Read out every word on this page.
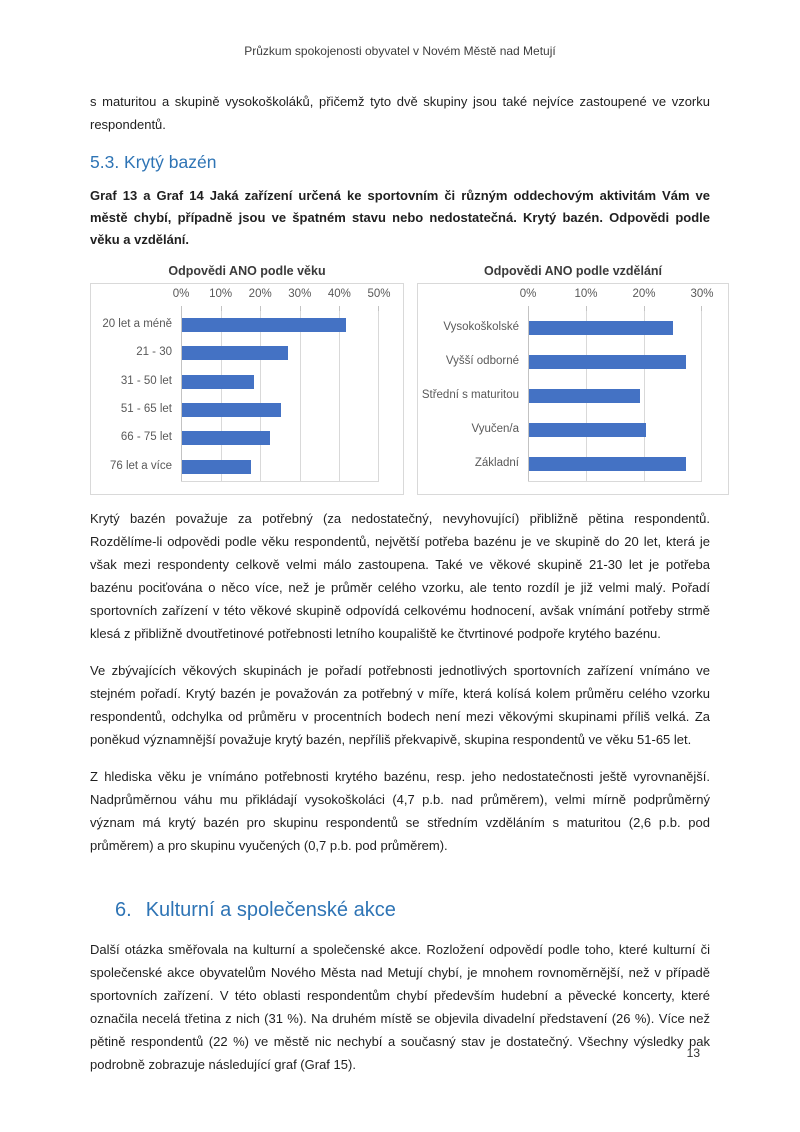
Průzkum spokojenosti obyvatel v Novém Městě nad Metují

s maturitou a skupině vysokoškoláků, přičemž tyto dvě skupiny jsou také nejvíce zastoupené ve vzorku respondentů.

5.3. Krytý bazén
Graf 13 a Graf 14 Jaká zařízení určená ke sportovním či různým oddechovým aktivitám Vám ve městě chybí, případně jsou ve špatném stavu nebo nedostatečná. Krytý bazén. Odpovědi podle věku a vzdělání.
Odpovědi ANO podle věku
0% 10% 20% 30% 40% 50%
20 let a méně
21 - 30
31 - 50 let
51 - 65 let
66 - 75 let
76 let a více
Odpovědi ANO podle vzdělání
0%	10%	20%	30%
Vysokoškolské
Vyšší odborné
Střední s maturitou
Vyučen/a
Základní

Krytý bazén považuje za potřebný (za nedostatečný, nevyhovující) přibližně pětina respondentů. Rozdělíme-li odpovědi podle věku respondentů, největší potřeba bazénu je ve skupině do 20 let, která je však mezi respondenty celkově velmi málo zastoupena. Také ve věkové skupině 21-30 let je potřeba bazénu pociťována o něco více, než je průměr celého vzorku, ale tento rozdíl je již velmi malý. Pořadí sportovních zařízení v této věkové skupině odpovídá celkovému hodnocení, avšak vnímání potřeby strmě klesá z přibližně dvoutřetinové potřebnosti letního koupaliště ke čtvrtinové podpoře krytého bazénu.

Ve zbývajících věkových skupinách je pořadí potřebnosti jednotlivých sportovních zařízení vnímáno ve stejném pořadí. Krytý bazén je považován za potřebný v míře, která kolísá kolem průměru celého vzorku respondentů, odchylka od průměru v procentních bodech není mezi věkovými skupinami příliš velká. Za poněkud významnější považuje krytý bazén, nepříliš překvapivě, skupina respondentů ve věku 51-65 let.

Z hlediska věku je vnímáno potřebnosti krytého bazénu, resp. jeho nedostatečnosti ještě vyrovnanější. Nadprůměrnou váhu mu přikládají vysokoškoláci (4,7 p.b. nad průměrem), velmi mírně podprůměrný význam má krytý bazén pro skupinu respondentů se středním vzděláním s maturitou (2,6 p.b. pod průměrem) a pro skupinu vyučených (0,7 p.b. pod průměrem).

6. Kulturní a společenské akce

Další otázka směřovala na kulturní a společenské akce. Rozložení odpovědí podle toho, které kulturní či společenské akce obyvatelům Nového Města nad Metují chybí, je mnohem rovnoměrnější, než v případě sportovních zařízení. V této oblasti respondentům chybí především hudební a pěvecké koncerty, které označila necelá třetina z nich (31 %). Na druhém místě se objevila divadelní představení (26 %). Více než pětině respondentů (22 %) ve městě nic nechybí a současný stav je dostatečný. Všechny výsledky pak podrobně zobrazuje následující graf (Graf 15).

13
